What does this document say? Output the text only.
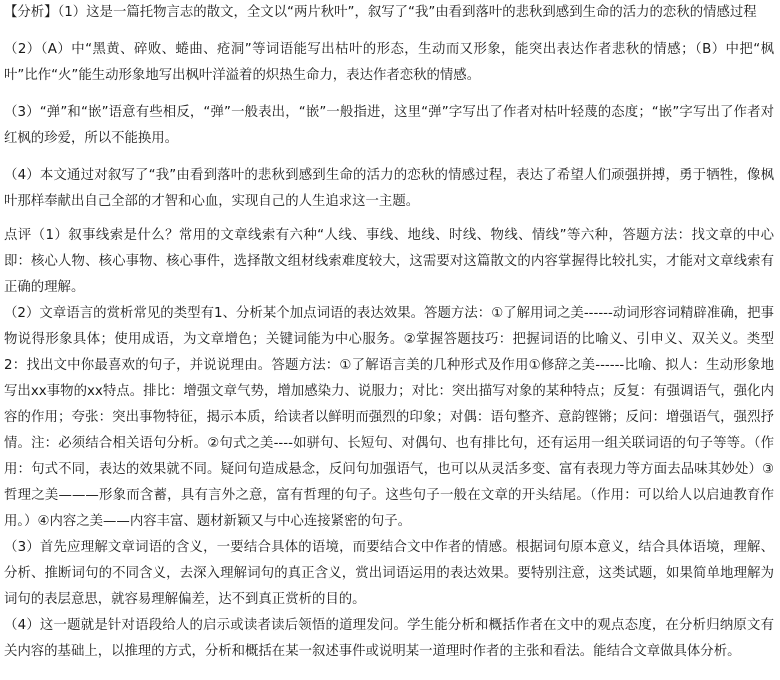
【分析】（1）这是一篇托物言志的散文，全文以“两片秋叶”，叙写了“我”由看到落叶的悲秋到感到生命的活力的恋秋的情感过程

（2）（A）中“黑黄、碎败、蜷曲、疮洞”等词语能写出枯叶的形态，生动而又形象，能突出表达作者悲秋的情感；（B）中把“枫叶”比作“火”能生动形象地写出枫叶洋溢着的炽热生命力，表达作者恋秋的情感。

（3）“弹”和“嵌”语意有些相反，“弹”一般表出，“嵌”一般指进，这里“弹”字写出了作者对枯叶轻蔑的态度；“嵌”字写出了作者对红枫的珍爱，所以不能换用。

（4）本文通过对叙写了“我”由看到落叶的悲秋到感到生命的活力的恋秋的情感过程，表达了希望人们顽强拼搏，勇于牺牲，像枫叶那样奉献出自己全部的才智和心血，实现自己的人生追求这一主题。

点评（1）叙事线索是什么？常用的文章线索有六种“人线、事线、地线、时线、物线、情线”等六种，答题方法：找文章的中心即：核心人物、核心事物、核心事件，选择散文组材线索难度较大，这需要对这篇散文的内容掌握得比较扎实，才能对文章线索有正确的理解。

（2）文章语言的赏析常见的类型有1、分析某个加点词语的表达效果。答题方法：①了解用词之美------动词形容词精辟准确，把事物说得形象具体；使用成语，为文章增色；关键词能为中心服务。②掌握答题技巧：把握词语的比喻义、引申义、双关义。类型2：找出文中你最喜欢的句子，并说说理由。答题方法：①了解语言美的几种形式及作用①修辞之美------比喻、拟人：生动形象地写出xx事物的xx特点。排比：增强文章气势，增加感染力、说服力；对比：突出描写对象的某种特点；反复：有强调语气，强化内容的作用；夸张：突出事物特征，揭示本质，给读者以鲜明而强烈的印象；对偶：语句整齐、意韵铿锵；反问：增强语气，强烈抒情。注：必须结合相关语句分析。②句式之美----如骈句、长短句、对偶句、也有排比句，还有运用一组关联词语的句子等等。（作用：句式不同，表达的效果就不同。疑问句造成悬念，反问句加强语气，也可以从灵活多变、富有表现力等方面去品味其妙处）③哲理之美———形象而含蓄，具有言外之意，富有哲理的句子。这些句子一般在文章的开头结尾。（作用：可以给人以启迪教育作用。）④内容之美——内容丰富、题材新颖又与中心连接紧密的句子。

（3）首先应理解文章词语的含义，一要结合具体的语境，而要结合文中作者的情感。根据词句原本意义，结合具体语境，理解、分析、推断词句的不同含义，去深入理解词句的真正含义，赏出词语运用的表达效果。要特别注意，这类试题，如果简单地理解为词句的表层意思，就容易理解偏差，达不到真正赏析的目的。

（4）这一题就是针对语段给人的启示或读者读后领悟的道理发问。学生能分析和概括作者在文中的观点态度，在分析归纳原文有关内容的基础上，以推理的方式，分析和概括在某一叙述事件或说明某一道理时作者的主张和看法。能结合文章做具体分析。
